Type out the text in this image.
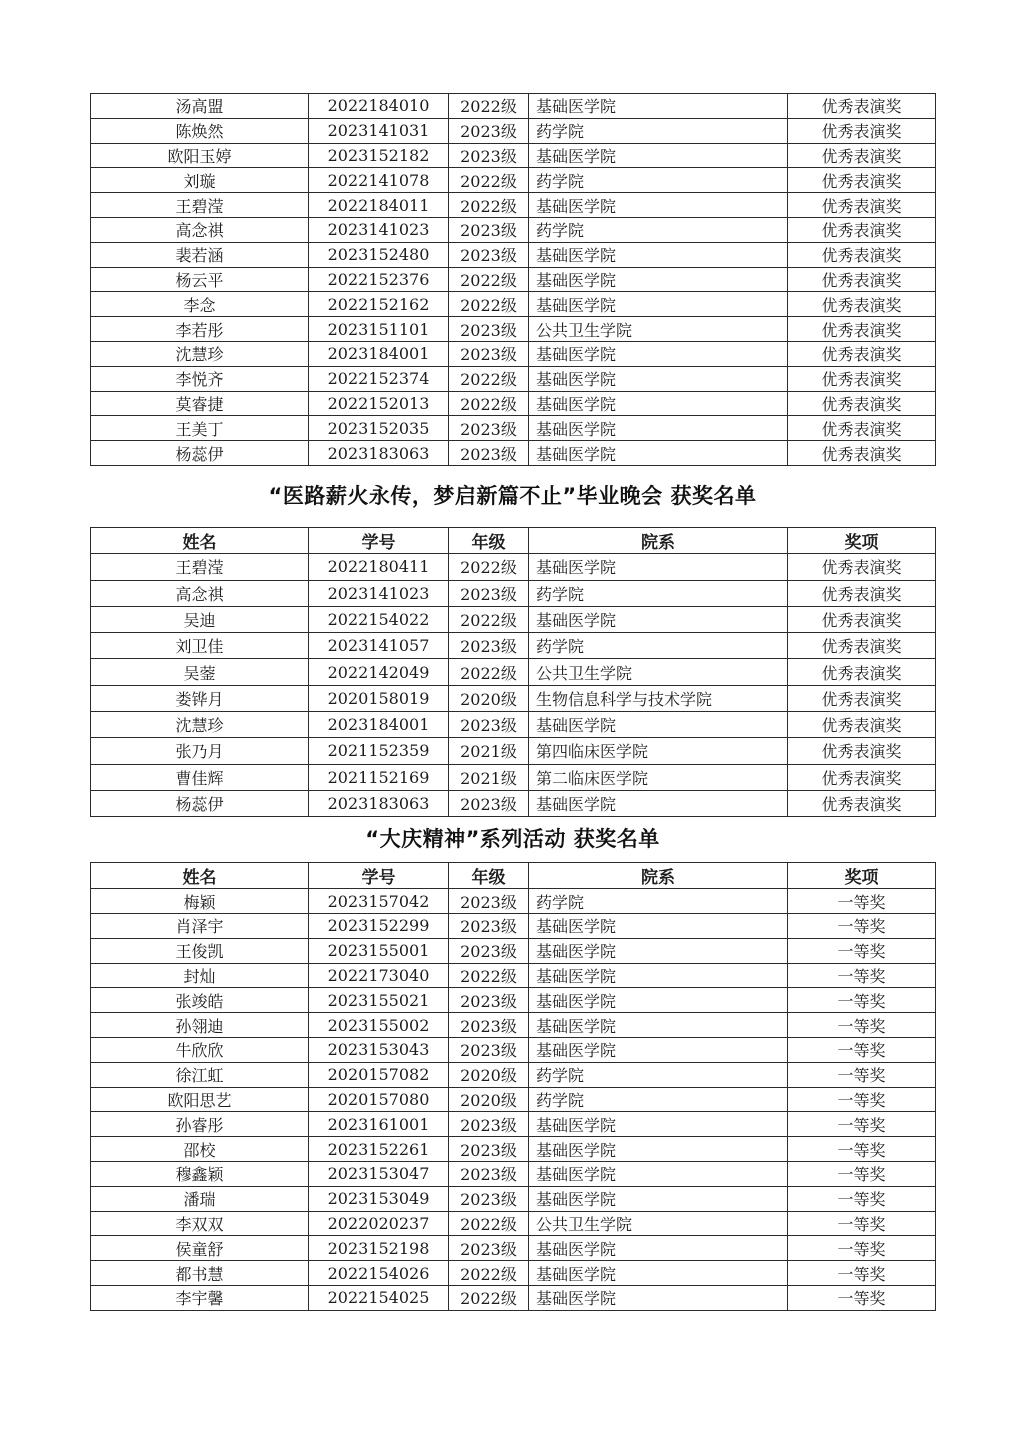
汤高盟	2022184010	2022级	基础医学院	优秀表演奖
陈焕然	2023141031	2023级	药学院	优秀表演奖
欧阳玉婷	2023152182	2023级	基础医学院	优秀表演奖
刘璇	2022141078	2022级	药学院	优秀表演奖
王碧滢	2022184011	2022级	基础医学院	优秀表演奖
高念祺	2023141023	2023级	药学院	优秀表演奖
裴若涵	2023152480	2023级	基础医学院	优秀表演奖
杨云平	2022152376	2022级	基础医学院	优秀表演奖
李念	2022152162	2022级	基础医学院	优秀表演奖
李若彤	2023151101	2023级	公共卫生学院	优秀表演奖
沈慧珍	2023184001	2023级	基础医学院	优秀表演奖
李悦齐	2022152374	2022级	基础医学院	优秀表演奖
莫睿捷	2022152013	2022级	基础医学院	优秀表演奖
王美丁	2023152035	2023级	基础医学院	优秀表演奖
杨蕊伊	2023183063	2023级	基础医学院	优秀表演奖
“医路薪火永传，梦启新篇不止”毕业晚会 获奖名单
姓名	学号	年级	院系	奖项
王碧滢	2022180411	2022级	基础医学院	优秀表演奖
高念祺	2023141023	2023级	药学院	优秀表演奖
吴迪	2022154022	2022级	基础医学院	优秀表演奖
刘卫佳	2023141057	2023级	药学院	优秀表演奖
吴蓥	2022142049	2022级	公共卫生学院	优秀表演奖
娄铧月	2020158019	2020级	生物信息科学与技术学院	优秀表演奖
沈慧珍	2023184001	2023级	基础医学院	优秀表演奖
张乃月	2021152359	2021级	第四临床医学院	优秀表演奖
曹佳辉	2021152169	2021级	第二临床医学院	优秀表演奖
杨蕊伊	2023183063	2023级	基础医学院	优秀表演奖
“大庆精神”系列活动 获奖名单
姓名	学号	年级	院系	奖项
梅颖	2023157042	2023级	药学院	一等奖
肖泽宇	2023152299	2023级	基础医学院	一等奖
王俊凯	2023155001	2023级	基础医学院	一等奖
封灿	2022173040	2022级	基础医学院	一等奖
张竣皓	2023155021	2023级	基础医学院	一等奖
孙翎迪	2023155002	2023级	基础医学院	一等奖
牛欣欣	2023153043	2023级	基础医学院	一等奖
徐江虹	2020157082	2020级	药学院	一等奖
欧阳思艺	2020157080	2020级	药学院	一等奖
孙睿彤	2023161001	2023级	基础医学院	一等奖
邵校	2023152261	2023级	基础医学院	一等奖
穆鑫颖	2023153047	2023级	基础医学院	一等奖
潘瑞	2023153049	2023级	基础医学院	一等奖
李双双	2022020237	2022级	公共卫生学院	一等奖
侯童舒	2023152198	2023级	基础医学院	一等奖
都书慧	2022154026	2022级	基础医学院	一等奖
李宇馨	2022154025	2022级	基础医学院	一等奖
